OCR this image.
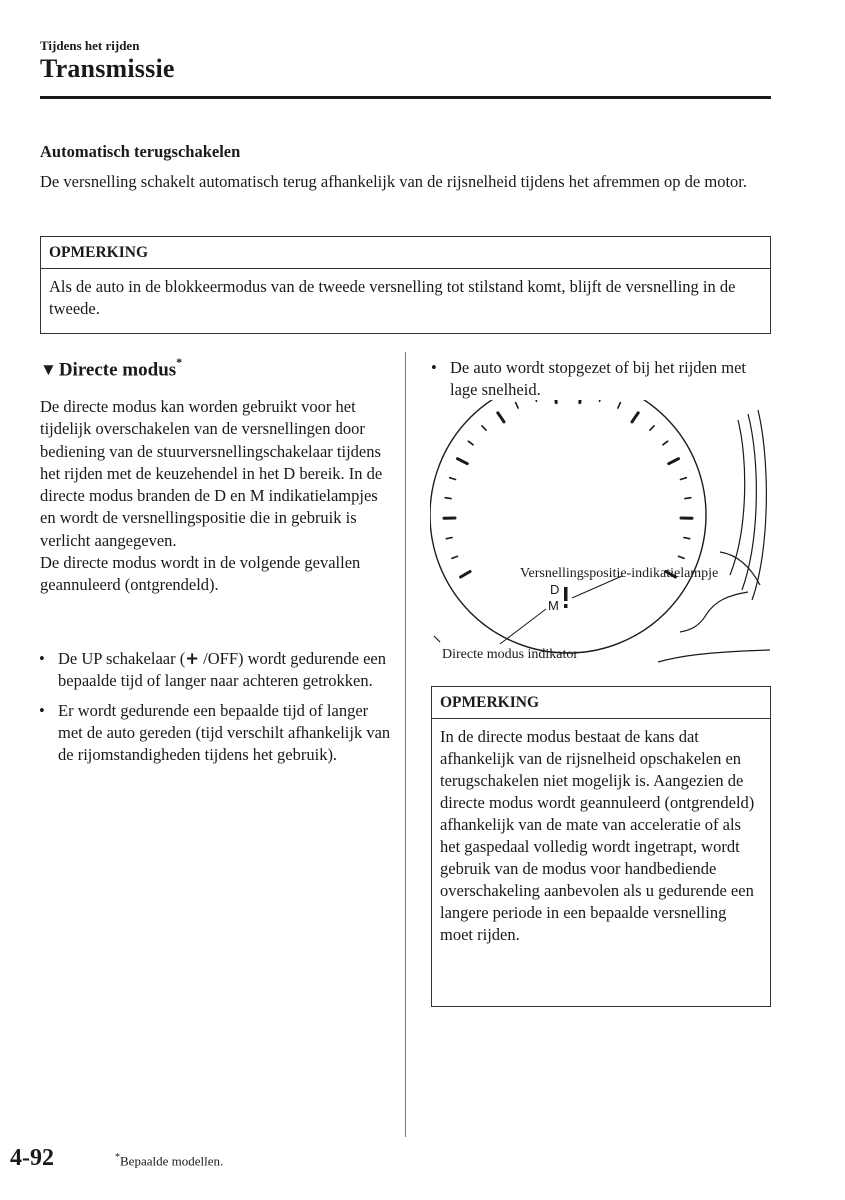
Tijdens het rijden
Transmissie
Automatisch terugschakelen
De versnelling schakelt automatisch terug afhankelijk van de rijsnelheid tijdens het afremmen op de motor.
OPMERKING
Als de auto in de blokkeermodus van de tweede versnelling tot stilstand komt, blijft de versnelling in de tweede.
▼ Directe modus*
De directe modus kan worden gebruikt voor het tijdelijk overschakelen van de versnellingen door bediening van de stuurversnellingschakelaar tijdens het rijden met de keuzehendel in het D bereik. In de directe modus branden de D en M indikatielampjes en wordt de versnellingspositie die in gebruik is verlicht aangegeven.
De directe modus wordt in de volgende gevallen geannuleerd (ontgrendeld).
• De UP schakelaar (+ /OFF) wordt gedurende een bepaalde tijd of langer naar achteren getrokken.
• Er wordt gedurende een bepaalde tijd of langer met de auto gereden (tijd verschilt afhankelijk van de rijomstandigheden tijdens het gebruik).
• De auto wordt stopgezet of bij het rijden met lage snelheid.
D
M
Versnellingspositie-indikatielampje
Directe modus indikator
OPMERKING
In de directe modus bestaat de kans dat afhankelijk van de rijsnelheid opschakelen en terugschakelen niet mogelijk is. Aangezien de directe modus wordt geannuleerd (ontgrendeld) afhankelijk van de mate van acceleratie of als het gaspedaal volledig wordt ingetrapt, wordt gebruik van de modus voor handbediende overschakeling aanbevolen als u gedurende een langere periode in een bepaalde versnelling moet rijden.
4-92	*Bepaalde modellen.
